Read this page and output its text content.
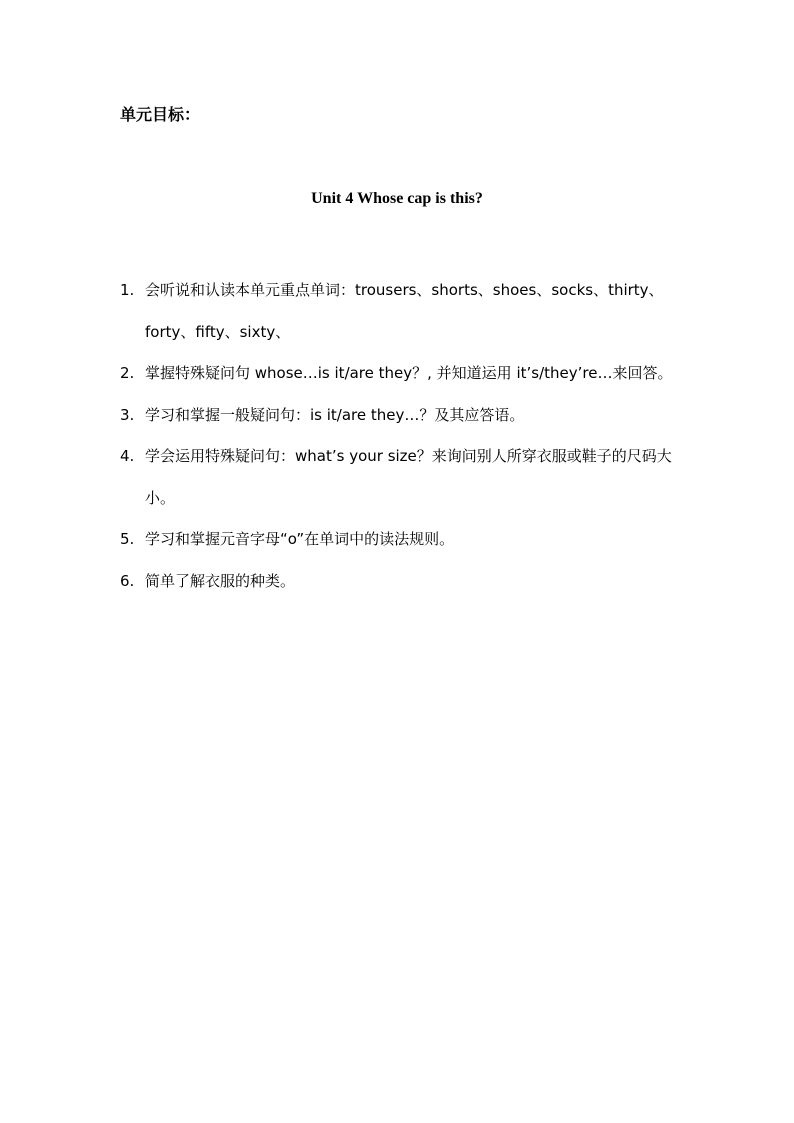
单元目标：
Unit 4 Whose cap is this?
1. 会听说和认读本单元重点单词：trousers、shorts、shoes、socks、thirty、forty、fifty、sixty、
2. 掌握特殊疑问句 whose…is it/are they？, 并知道运用 it’s/they’re…来回答。
3. 学习和掌握一般疑问句：is it/are they…？及其应答语。
4. 学会运用特殊疑问句：what’s your size？来询问别人所穿衣服或鞋子的尺码大小。
5. 学习和掌握元音字母“o”在单词中的读法规则。
6. 简单了解衣服的种类。
